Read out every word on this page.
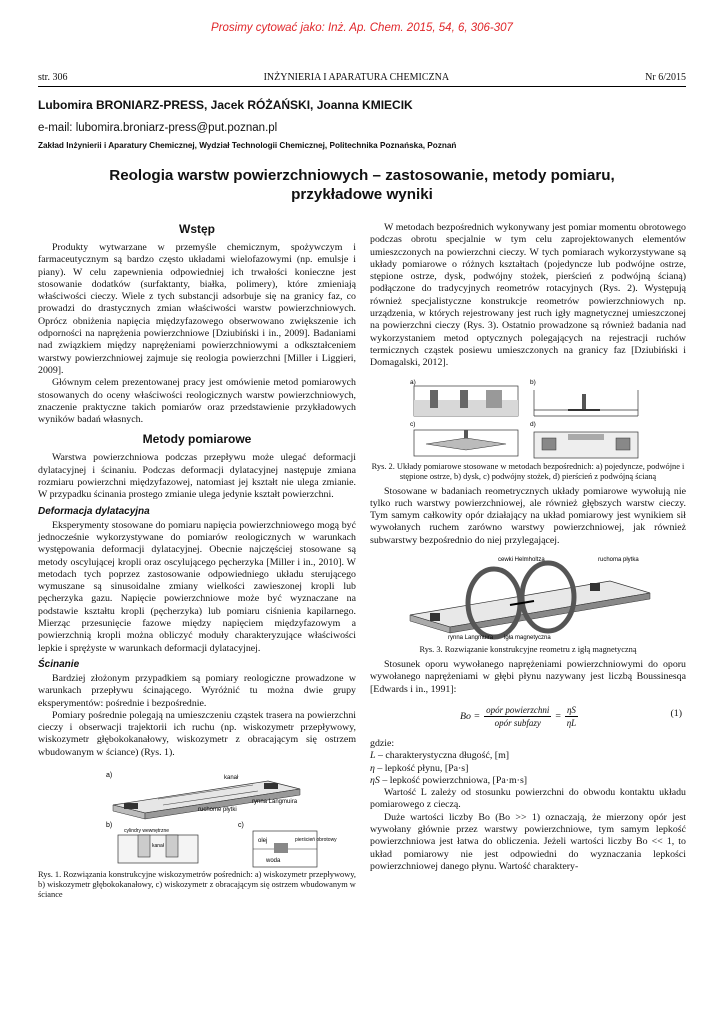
Prosimy cytować jako: Inż. Ap. Chem. 2015, 54, 6, 306-307
str. 306	INŻYNIERIA I APARATURA CHEMICZNA	Nr 6/2015
Lubomira BRONIARZ-PRESS, Jacek RÓŻAŃSKI, Joanna KMIECIK
e-mail: lubomira.broniarz-press@put.poznan.pl
Zakład Inżynierii i Aparatury Chemicznej, Wydział Technologii Chemicznej, Politechnika Poznańska, Poznań
Reologia warstw powierzchniowych – zastosowanie, metody pomiaru,
przykładowe wyniki
Wstęp

Produkty wytwarzane w przemyśle chemicznym, spożywczym i farmaceutycznym są bardzo często układami wielofazowymi (np. emulsje i piany). W celu zapewnienia odpowiedniej ich trwałości konieczne jest stosowanie dodatków (surfaktanty, białka, polimery), które zmieniają właściwości cieczy. Wiele z tych substancji adsorbuje się na granicy faz, co prowadzi do drastycznych zmian właściwości warstw powierzchniowych. Oprócz obniżenia napięcia międzyfazowego obserwowano zwiększenie ich odporności na naprężenia powierzchniowe [Dziubiński i in., 2009]. Badaniami nad związkiem między naprężeniami powierzchniowymi a odkształceniem warstwy powierzchniowej zajmuje się reologia powierzchni [Miller i Liggieri, 2009].

Głównym celem prezentowanej pracy jest omówienie metod pomiarowych stosowanych do oceny właściwości reologicznych warstw powierzchniowych, znaczenie praktyczne takich pomiarów oraz przedstawienie przykładowych wyników badań własnych.

Metody pomiarowe

Warstwa powierzchniowa podczas przepływu może ulegać deformacji dylatacyjnej i ścinaniu. Podczas deformacji dylatacyjnej następuje zmiana rozmiaru powierzchni międzyfazowej, natomiast jej kształt nie ulega zmianie. W przypadku ścinania prostego zmianie ulega jedynie kształt powierzchni.

Deformacja dylatacyjna

Eksperymenty stosowane do pomiaru napięcia powierzchniowego mogą być jednocześnie wykorzystywane do pomiarów reologicznych w warunkach występowania deformacji dylatacyjnej. Obecnie najczęściej stosowane są metody oscylującej kropli oraz oscylującego pęcherzyka [Miller i in., 2010]. W metodach tych poprzez zastosowanie odpowiedniego układu sterującego wymuszane są sinusoidalne zmiany wielkości zawieszonej kropli lub pęcherzyka gazu. Napięcie powierzchniowe może być wyznaczane na podstawie kształtu kropli (pęcherzyka) lub pomiaru ciśnienia kapilarnego. Mierząc przesunięcie fazowe między napięciem międzyfazowym a powierzchnią kropli można obliczyć moduły charakteryzujące właściwości lepkie i sprężyste w warunkach deformacji dylatacyjnej.

Ścinanie

Bardziej złożonym przypadkiem są pomiary reologiczne prowadzone w warunkach przepływu ścinającego. Wyróżnić tu można dwie grupy eksperymentów: pośrednie i bezpośrednie.

Pomiary pośrednie polegają na umieszczeniu cząstek trasera na powierzchni cieczy i obserwacji trajektorii ich ruchu (np. wiskozymetr przepływowy, wiskozymetr głębokokanałowy, wiskozymetr z obracającym się ostrzem wbudowanym w ściance) (Rys. 1).

a)	kanał
ruchome płytki
rynna Langmuira
b)
cylindry wewnętrzne
kanał
c)
olej
woda
pierścień obrotowy
Rys. 1. Rozwiązania konstrukcyjne wiskozymetrów pośrednich: a) wiskozymetr przepływowy, b) wiskozymetr głębokokanałowy, c) wiskozymetr z obracającym się ostrzem wbudowanym w ściance

W metodach bezpośrednich wykonywany jest pomiar momentu obrotowego podczas obrotu specjalnie w tym celu zaprojektowanych elementów umieszczonych na powierzchni cieczy. W tych pomiarach wykorzystywane są układy pomiarowe o różnych kształtach (pojedyncze lub podwójne ostrze, stępione ostrze, dysk, podwójny stożek, pierścień z podwójną ścianą) podłączone do tradycyjnych reometrów rotacyjnych (Rys. 2). Występują również specjalistyczne konstrukcje reometrów powierzchniowych np. urządzenia, w których rejestrowany jest ruch igły magnetycznej umieszczonej na powierzchni cieczy (Rys. 3). Ostatnio prowadzone są również badania nad wykorzystaniem metod optycznych polegających na rejestracji ruchów termicznych cząstek posiewu umieszczonych na granicy faz [Dziubiński i Domagalski, 2012].

a)	b)
c)	d)
Rys. 2. Układy pomiarowe stosowane w metodach bezpośrednich: a) pojedyncze, podwójne i stępione ostrze, b) dysk, c) podwójny stożek, d) pierścień z podwójną ścianą

Stosowane w badaniach reometrycznych układy pomiarowe wywołują nie tylko ruch warstwy powierzchniowej, ale również głębszych warstw cieczy. Tym samym całkowity opór działający na układ pomiarowy jest wynikiem sił wywołanych ruchem zarówno warstwy powierzchniowej, jak również subwarstwy bezpośrednio do niej przylegającej.

cewki Helmholtza	ruchoma płytka
rynna Langmuira igła magnetyczna
Rys. 3. Rozwiązanie konstrukcyjne reometru z igłą magnetyczną

Stosunek oporu wywołanego naprężeniami powierzchniowymi do oporu wywołanego naprężeniami w głębi płynu nazywany jest liczbą Boussinesqa [Edwards i in., 1991]:

Bo =
opór powierzchni
opór subfazy
= $\frac{\eta S}{\eta L}$	(1)

gdzie:

L – charakterystyczna długość, [m]
η – lepkość płynu, [Pa·s]
ηS – lepkość powierzchniowa, [Pa·m·s]

Wartość L zależy od stosunku powierzchni do obwodu kontaktu układu pomiarowego z cieczą.

Duże wartości liczby Bo (Bo >> 1) oznaczają, że mierzony opór jest wywołany głównie przez warstwy powierzchniowe, tym samym lepkość powierzchniowa jest łatwa do obliczenia. Jeżeli wartości liczby Bo << 1, to układ pomiarowy nie jest odpowiedni do wyznaczania lepkości powierzchniowej danego płynu. Wartość charaktery-
